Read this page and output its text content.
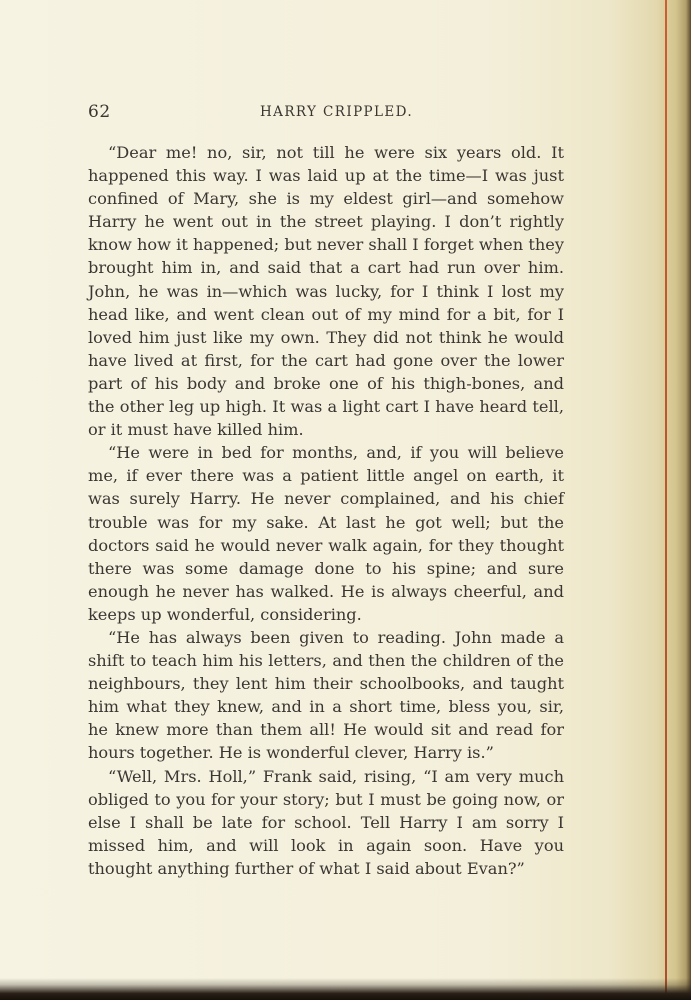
62	HARRY CRIPPLED.

“Dear me! no, sir, not till he were six years old. It happened this way. I was laid up at the time—I was just confined of Mary, she is my eldest girl—and somehow Harry he went out in the street playing. I don’t rightly know how it happened; but never shall I forget when they brought him in, and said that a cart had run over him. John, he was in—which was lucky, for I think I lost my head like, and went clean out of my mind for a bit, for I loved him just like my own. They did not think he would have lived at first, for the cart had gone over the lower part of his body and broke one of his thigh-bones, and the other leg up high. It was a light cart I have heard tell, or it must have killed him.

“He were in bed for months, and, if you will believe me, if ever there was a patient little angel on earth, it was surely Harry. He never complained, and his chief trouble was for my sake. At last he got well; but the doctors said he would never walk again, for they thought there was some damage done to his spine; and sure enough he never has walked. He is always cheerful, and keeps up wonderful, considering.

“He has always been given to reading. John made a shift to teach him his letters, and then the children of the neighbours, they lent him their schoolbooks, and taught him what they knew, and in a short time, bless you, sir, he knew more than them all! He would sit and read for hours together. He is wonderful clever, Harry is.”

“Well, Mrs. Holl,” Frank said, rising, “I am very much obliged to you for your story; but I must be going now, or else I shall be late for school. Tell Harry I am sorry I missed him, and will look in again soon. Have you thought anything further of what I said about Evan?”
